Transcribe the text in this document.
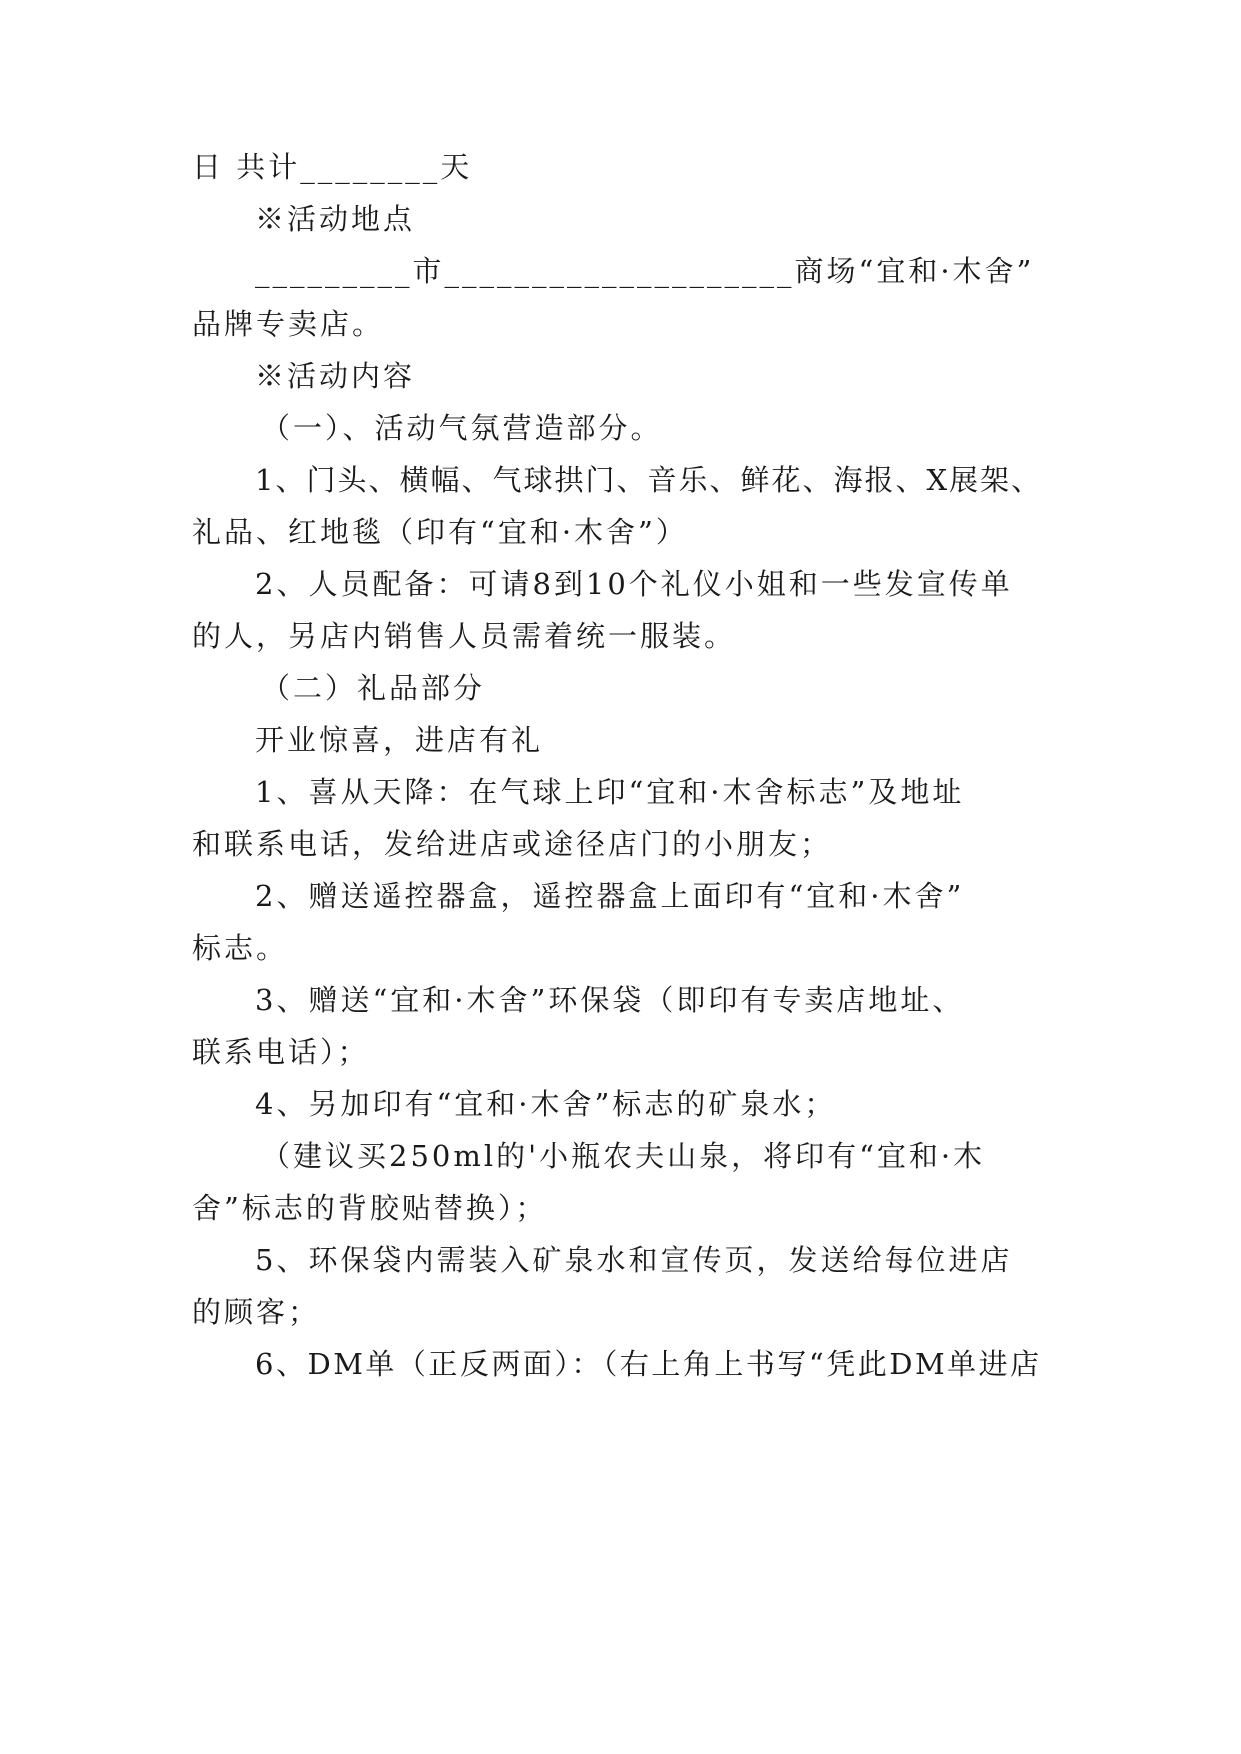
日 共计________天
※活动地点
_________市____________________商场“宜和·木舍”
品牌专卖店。
※活动内容
（一）、活动气氛营造部分。
1、门头、横幅、气球拱门、音乐、鲜花、海报、X展架、
礼品、红地毯（印有“宜和·木舍”）
2、人员配备：可请8到10个礼仪小姐和一些发宣传单
的人，另店内销售人员需着统一服装。
（二）礼品部分
开业惊喜，进店有礼
1、喜从天降：在气球上印“宜和·木舍标志”及地址
和联系电话，发给进店或途径店门的小朋友；
2、赠送遥控器盒，遥控器盒上面印有“宜和·木舍”
标志。
3、赠送“宜和·木舍”环保袋（即印有专卖店地址、
联系电话）；
4、另加印有“宜和·木舍”标志的矿泉水；
（建议买250ml的'小瓶农夫山泉，将印有“宜和·木
舍”标志的背胶贴替换）；
5、环保袋内需装入矿泉水和宣传页，发送给每位进店
的顾客；
6、DM单（正反两面）：（右上角上书写“凭此DM单进店
